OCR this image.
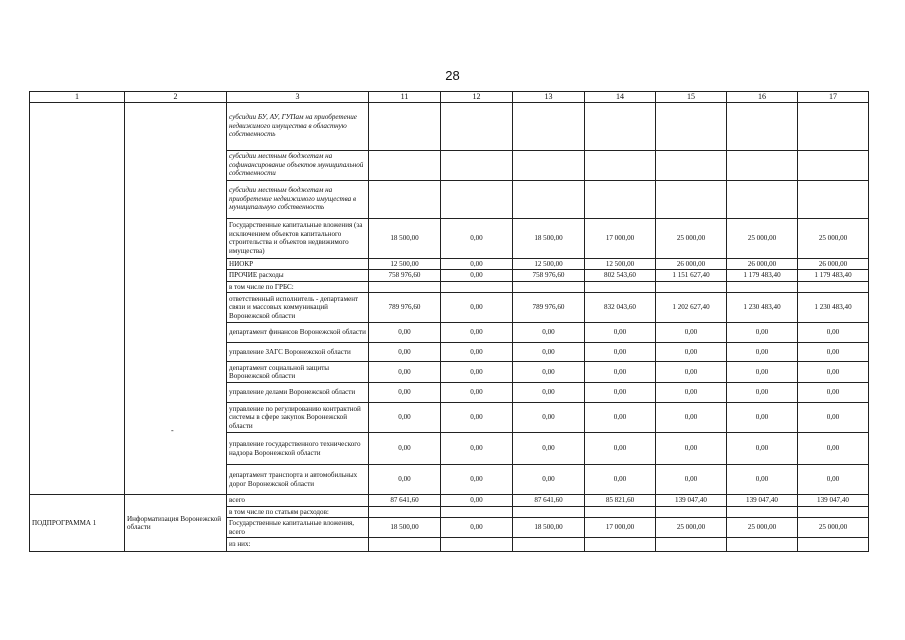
28
1	2	3	11	12	13	14	15	16	17
		субсидии БУ, АУ, ГУПам на приобретение недвижимого имущества в областную собственность							
		субсидии местным бюджетам на софинансирование объектов муниципальной собственности							
		субсидии местным бюджетам на приобретение недвижимого имущества в муниципальную собственность							
		Государственные капитальные вложения (за исключением объектов капитального строительства и объектов недвижимого имущества)	18 500,00	0,00	18 500,00	17 000,00	25 000,00	25 000,00	25 000,00
		НИОКР	12 500,00	0,00	12 500,00	12 500,00	26 000,00	26 000,00	26 000,00
		ПРОЧИЕ расходы	758 976,60	0,00	758 976,60	802 543,60	1 151 627,40	1 179 483,40	1 179 483,40
		в том числе по ГРБС:							
		ответственный исполнитель - департамент связи и массовых коммуникаций Воронежской области	789 976,60	0,00	789 976,60	832 043,60	1 202 627,40	1 230 483,40	1 230 483,40
		департамент финансов Воронежской области	0,00	0,00	0,00	0,00	0,00	0,00	0,00
		управление ЗАГС Воронежской области	0,00	0,00	0,00	0,00	0,00	0,00	0,00
		департамент социальной защиты Воронежской области	0,00	0,00	0,00	0,00	0,00	0,00	0,00
		управление делами Воронежской области	0,00	0,00	0,00	0,00	0,00	0,00	0,00
		управление по регулированию контрактной системы в сфере закупок Воронежской области	0,00	0,00	0,00	0,00	0,00	0,00	0,00
		управление государственного технического надзора Воронежской области	0,00	0,00	0,00	0,00	0,00	0,00	0,00
		департамент транспорта и автомобильных дорог Воронежской области	0,00	0,00	0,00	0,00	0,00	0,00	0,00
ПОДПРОГРАММА 1	Информатизация Воронежской области	всего	87 641,60	0,00	87 641,60	85 821,60	139 047,40	139 047,40	139 047,40
		в том числе по статьям расходов:							
		Государственные капитальные вложения, всего	18 500,00	0,00	18 500,00	17 000,00	25 000,00	25 000,00	25 000,00
		из них:							
-
